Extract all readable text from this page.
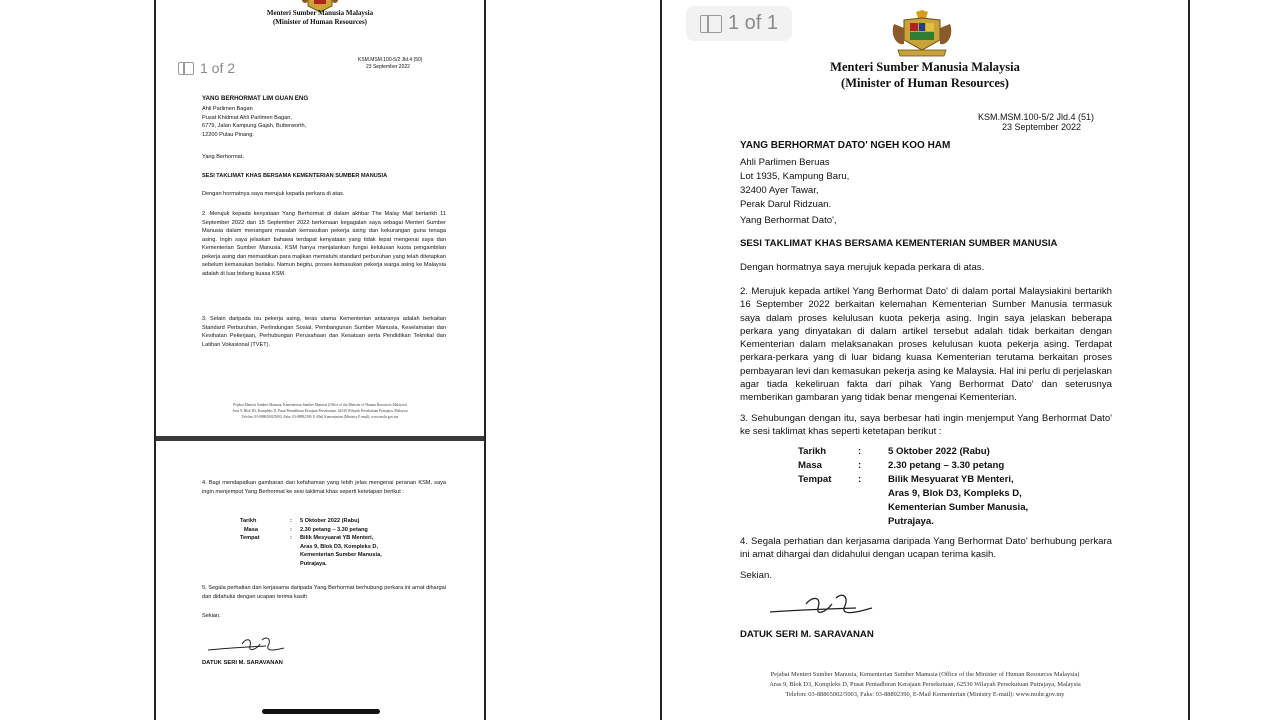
Menteri Sumber Manusia Malaysia
(Minister of Human Resources)
1 of 2	KSM.MSM.100-5/2 Jld.4 (50)
23 September 2022
YANG BERHORMAT LIM GUAN ENG
Ahli Parlimen Bagan
Pusat Khidmat Ahli Parlimen Bagan,
6779, Jalan Kampung Gajah, Butterworth,
12200 Pulau Pinang.
Yang Berhormat,
SESI TAKLIMAT KHAS BERSAMA KEMENTERIAN SUMBER MANUSIA
Dengan hormatnya saya merujuk kepada perkara di atas.
2. Merujuk kepada kenyataan Yang Berhormat di dalam akhbar The Malay Mail bertarikh 11 September 2022 dan 15 September 2022 berkenaan kegagalan saya sebagai Menteri Sumber Manusia dalam menangani masalah kemasukan pekerja asing dan kekurangan guna tenaga asing. Ingin saya jelaskan bahawa terdapat kenyataan yang tidak tepat mengenai saya dan Kementerian Sumber Manusia. KSM hanya menjalankan fungsi kelulusan kuota pengambilan pekerja asing dan memastikan para majikan mematuhi standard perburuhan yang telah ditetapkan sebelum kemasukan berlaku. Namun begitu, proses kemasukan pekerja warga asing ke Malaysia adalah di luar bidang kuasa KSM.
3. Selain daripada isu pekerja asing, teras utama Kementerian antaranya adalah berkaitan Standard Perburuhan, Perlindungan Sosial, Pembangunan Sumber Manusia, Keselamatan dan Kesihatan Pekerjaan, Perhubungan Perusahaan dan Kesatuan serta Pendidikan Teknikal dan Latihan Vokasional (TVET).
Pejabat Menteri Sumber Manusia, Kementerian Sumber Manusia (Office of the Minister of Human Resources Malaysia)
Aras 9, Blok D3, Kompleks D, Pusat Pentadbiran Kerajaan Persekutuan, 62530 Wilayah Persekutuan Putrajaya, Malaysia
Telefon: 03-88865002/5003, Faks: 03-88892390, E-Mail Kementerian (Ministry E-mail): www.mohr.gov.my
4. Bagi mendapatkan gambaran dan kefahaman yang lebih jelas mengenai peranan KSM, saya ingin menjemput Yang Berhormat ke sesi taklimat khas seperti ketetapan berikut :
Tarikh
Masa
Tempat
:
:
:
5 Oktober 2022 (Rabu)
2.30 petang – 3.30 petang
Bilik Mesyuarat YB Menteri,
Aras 9, Blok D3, Kompleks D,
Kementerian Sumber Manusia,
Putrajaya.
5. Segala perhatian dan kerjasama daripada Yang Berhormat berhubung perkara ini amat dihargai dan didahului dengan ucapan terima kasih
Sekian.
DATUK SERI M. SARAVANAN
1 of 1
Menteri Sumber Manusia Malaysia
(Minister of Human Resources)
KSM.MSM.100-5/2 Jld.4 (51)
23 September 2022
YANG BERHORMAT DATO' NGEH KOO HAM
Ahli Parlimen Beruas
Lot 1935, Kampung Baru,
32400 Ayer Tawar,
Perak Darul Ridzuan.
Yang Berhormat Dato',
SESI TAKLIMAT KHAS BERSAMA KEMENTERIAN SUMBER MANUSIA
Dengan hormatnya saya merujuk kepada perkara di atas.
2. Merujuk kepada artikel Yang Berhormat Dato' di dalam portal Malaysiakini bertarikh 16 September 2022 berkaitan kelemahan Kementerian Sumber Manusia termasuk saya dalam proses kelulusan kuota pekerja asing. Ingin saya jelaskan beberapa perkara yang dinyatakan di dalam artikel tersebut adalah tidak berkaitan dengan Kementerian dalam melaksanakan proses kelulusan kuota pekerja asing. Terdapat perkara-perkara yang di luar bidang kuasa Kementerian terutama berkaitan proses pembayaran levi dan kemasukan pekerja asing ke Malaysia. Hal ini perlu di perjelaskan agar tiada kekeliruan fakta dari pihak Yang Berhormat Dato' dan seterusnya memberikan gambaran yang tidak benar mengenai Kementerian.
3. Sehubungan dengan itu, saya berbesar hati ingin menjemput Yang Berhormat Dato' ke sesi taklimat khas seperti ketetapan berikut :
Tarikh
Masa
Tempat
:
:
:
5 Oktober 2022 (Rabu)
2.30 petang – 3.30 petang
Bilik Mesyuarat YB Menteri,
Aras 9, Blok D3, Kompleks D,
Kementerian Sumber Manusia,
Putrajaya.
4. Segala perhatian dan kerjasama daripada Yang Berhormat Dato' berhubung perkara ini amat dihargai dan didahului dengan ucapan terima kasih.
Sekian.
DATUK SERI M. SARAVANAN
Pejabat Menteri Sumber Manusia, Kementerian Sumber Manusia (Office of the Minister of Human Resources Malaysia)
Aras 9, Blok D3, Kompleks D, Pusat Pentadbiran Kerajaan Persekutuan, 62530 Wilayah Persekutuan Putrajaya, Malaysia
Telefon: 03-88865002/5003, Faks: 03-88892390, E-Mail Kementerian (Ministry E-mail): www.mohr.gov.my
